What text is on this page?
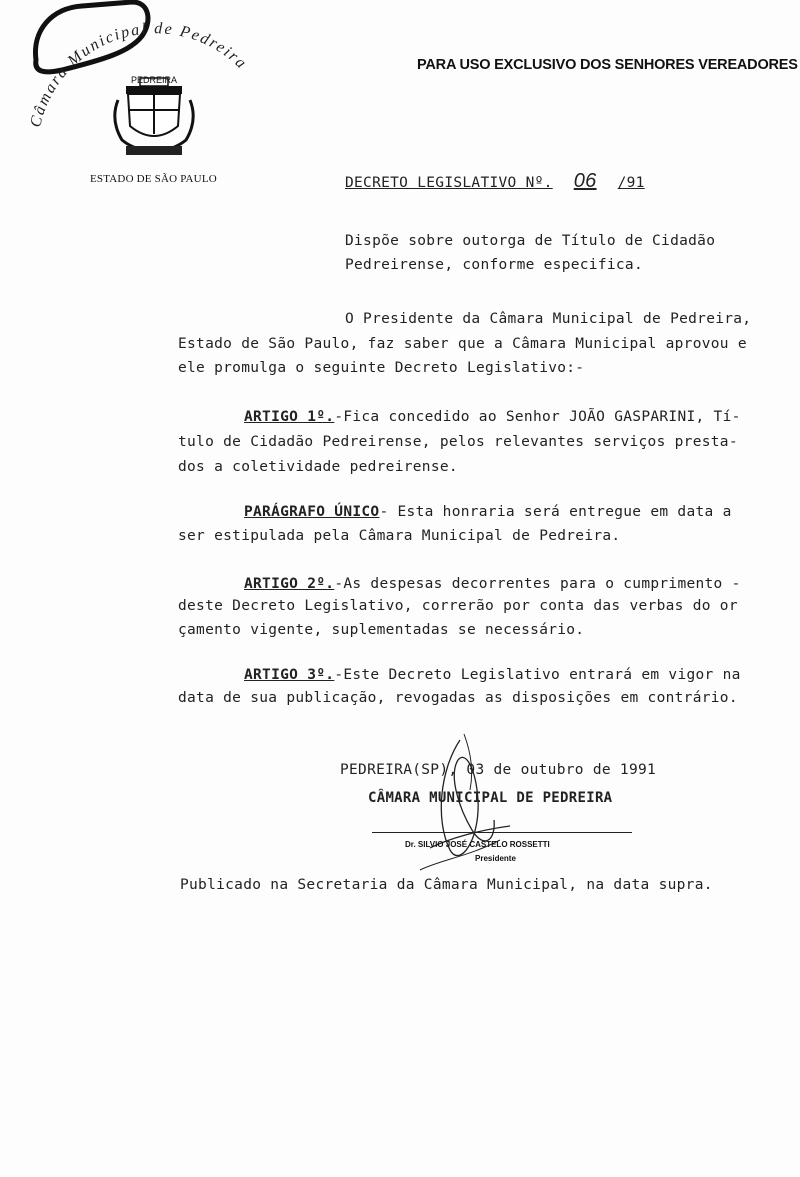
Câmara Municipal de Pedreira
PEDREIRA
ESTADO DE SÃO PAULO
PARA USO EXCLUSIVO DOS SENHORES VEREADORES
DECRETO LEGISLATIVO Nº. 06 /91
Dispõe sobre outorga de Título de Cidadão
Pedreirense, conforme especifica.
O Presidente da Câmara Municipal de Pedreira,
Estado de São Paulo, faz saber que a Câmara Municipal aprovou e
ele promulga o seguinte Decreto Legislativo:-
ARTIGO 1º.-Fica concedido ao Senhor JOÃO GASPARINI, Tí-
tulo de Cidadão Pedreirense, pelos relevantes serviços presta-
dos a coletividade pedreirense.
PARÁGRAFO ÚNICO- Esta honraria será entregue em data a
ser estipulada pela Câmara Municipal de Pedreira.
ARTIGO 2º.-As despesas decorrentes para o cumprimento -
deste Decreto Legislativo, correrão por conta das verbas do or
çamento vigente, suplementadas se necessário.
ARTIGO 3º.-Este Decreto Legislativo entrará em vigor na
data de sua publicação, revogadas as disposições em contrário.
PEDREIRA(SP), 03 de outubro de 1991
CÂMARA MUNICIPAL DE PEDREIRA
Dr. SILVIO JOSÉ CASTELO ROSSETTI
Presidente
Publicado na Secretaria da Câmara Municipal, na data supra.
